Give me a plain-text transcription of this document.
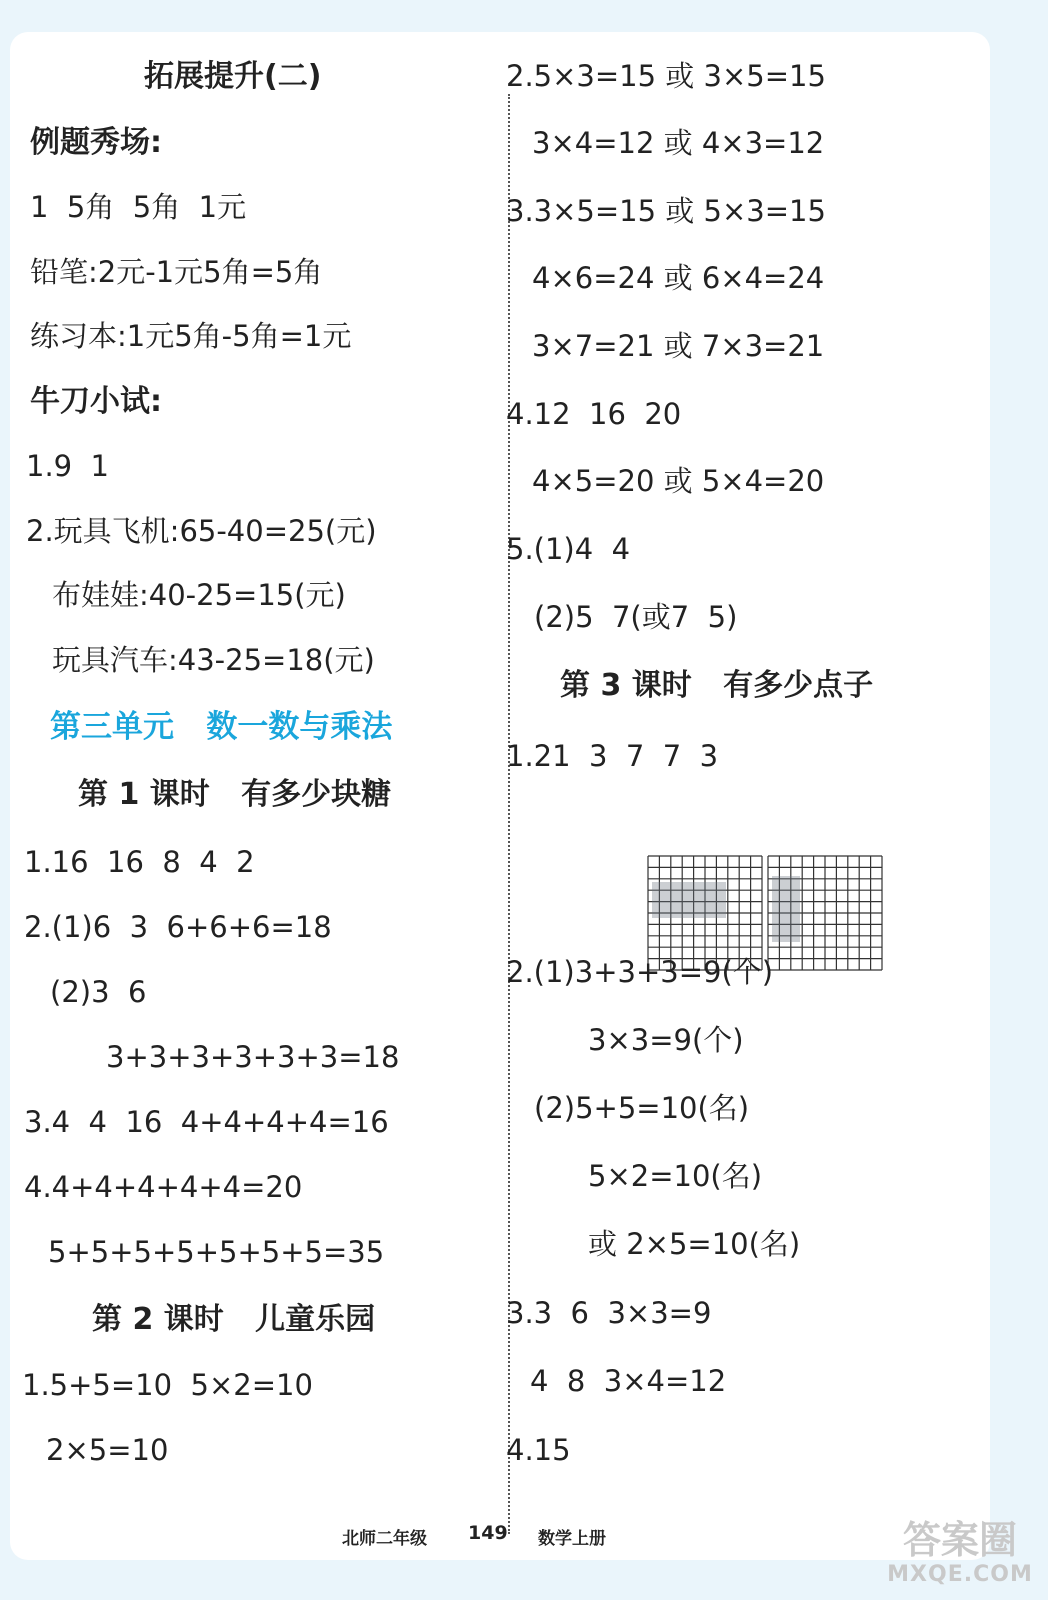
拓展提升(二)
例题秀场:
1  5角  5角  1元
铅笔:2元-1元5角=5角
练习本:1元5角-5角=1元
牛刀小试:
1.9  1
2.玩具飞机:65-40=25(元)
布娃娃:40-25=15(元)
玩具汽车:43-25=18(元)
第三单元   数一数与乘法
第 1 课时   有多少块糖
1.16  16  8  4  2
2.(1)6  3  6+6+6=18
(2)3  6
3+3+3+3+3+3=18
3.4  4  16  4+4+4+4=16
4.4+4+4+4+4=20
5+5+5+5+5+5+5=35
第 2 课时   儿童乐园
1.5+5=10  5×2=10
2×5=10
2.5×3=15 或 3×5=15
3×4=12 或 4×3=12
3.3×5=15 或 5×3=15
4×6=24 或 6×4=24
3×7=21 或 7×3=21
4.12  16  20
4×5=20 或 5×4=20
5.(1)4  4
(2)5  7(或7  5)
第 3 课时   有多少点子
1.21  3  7  7  3
2.(1)3+3+3=9(个)
3×3=9(个)
(2)5+5=10(名)
5×2=10(名)
或 2×5=10(名)
3.3  6  3×3=9
4  8  3×4=12
4.15
北师二年级 149 数学上册	答案圈
MXQE.COM
